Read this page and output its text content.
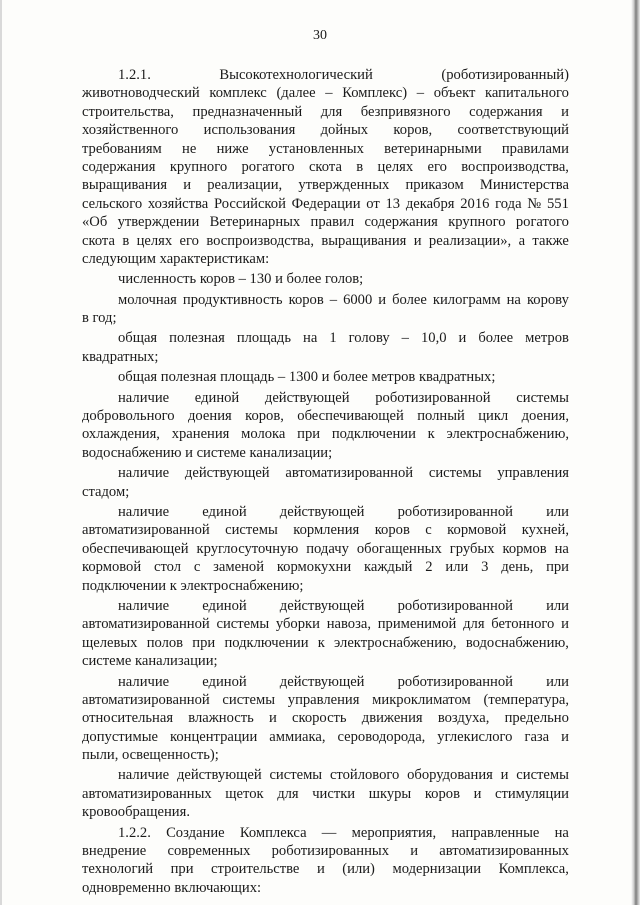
30
1.2.1.	Высокотехнологический	(роботизированный)
животноводческий комплекс (далее – Комплекс) – объект капитального
строительства, предназначенный для безпривязного содержания и
хозяйственного использования дойных коров, соответствующий
требованиям не ниже установленных ветеринарными правилами
содержания крупного рогатого скота в целях его воспроизводства,
выращивания и реализации, утвержденных приказом Министерства
сельского хозяйства Российской Федерации от 13 декабря 2016 года № 551
«Об утверждении Ветеринарных правил содержания крупного рогатого
скота в целях его воспроизводства, выращивания и реализации», а также
следующим характеристикам:
численность коров – 130 и более голов;
молочная продуктивность коров – 6000 и более килограмм на корову
в год;
общая полезная площадь на 1 голову – 10,0 и более метров
квадратных;
общая полезная площадь – 1300 и более метров квадратных;
наличие единой действующей роботизированной системы
добровольного доения коров, обеспечивающей полный цикл доения,
охлаждения, хранения молока при подключении к электроснабжению,
водоснабжению и системе канализации;
наличие действующей автоматизированной системы управления
стадом;
наличие единой действующей роботизированной или
автоматизированной системы кормления коров с кормовой кухней,
обеспечивающей круглосуточную подачу обогащенных грубых кормов на
кормовой стол с заменой кормокухни каждый 2 или 3 день, при
подключении к электроснабжению;
наличие единой действующей роботизированной или
автоматизированной системы уборки навоза, применимой для бетонного и
щелевых полов при подключении к электроснабжению, водоснабжению,
системе канализации;
наличие единой действующей роботизированной или
автоматизированной системы управления микроклиматом (температура,
относительная влажность и скорость движения воздуха, предельно
допустимые концентрации аммиака, сероводорода, углекислого газа и
пыли, освещенность);
наличие действующей системы стойлового оборудования и системы
автоматизированных щеток для чистки шкуры коров и стимуляции
кровообращения.
1.2.2. Создание Комплекса — мероприятия, направленные на
внедрение современных роботизированных и автоматизированных
технологий при строительстве и (или) модернизации Комплекса,
одновременно включающих:
